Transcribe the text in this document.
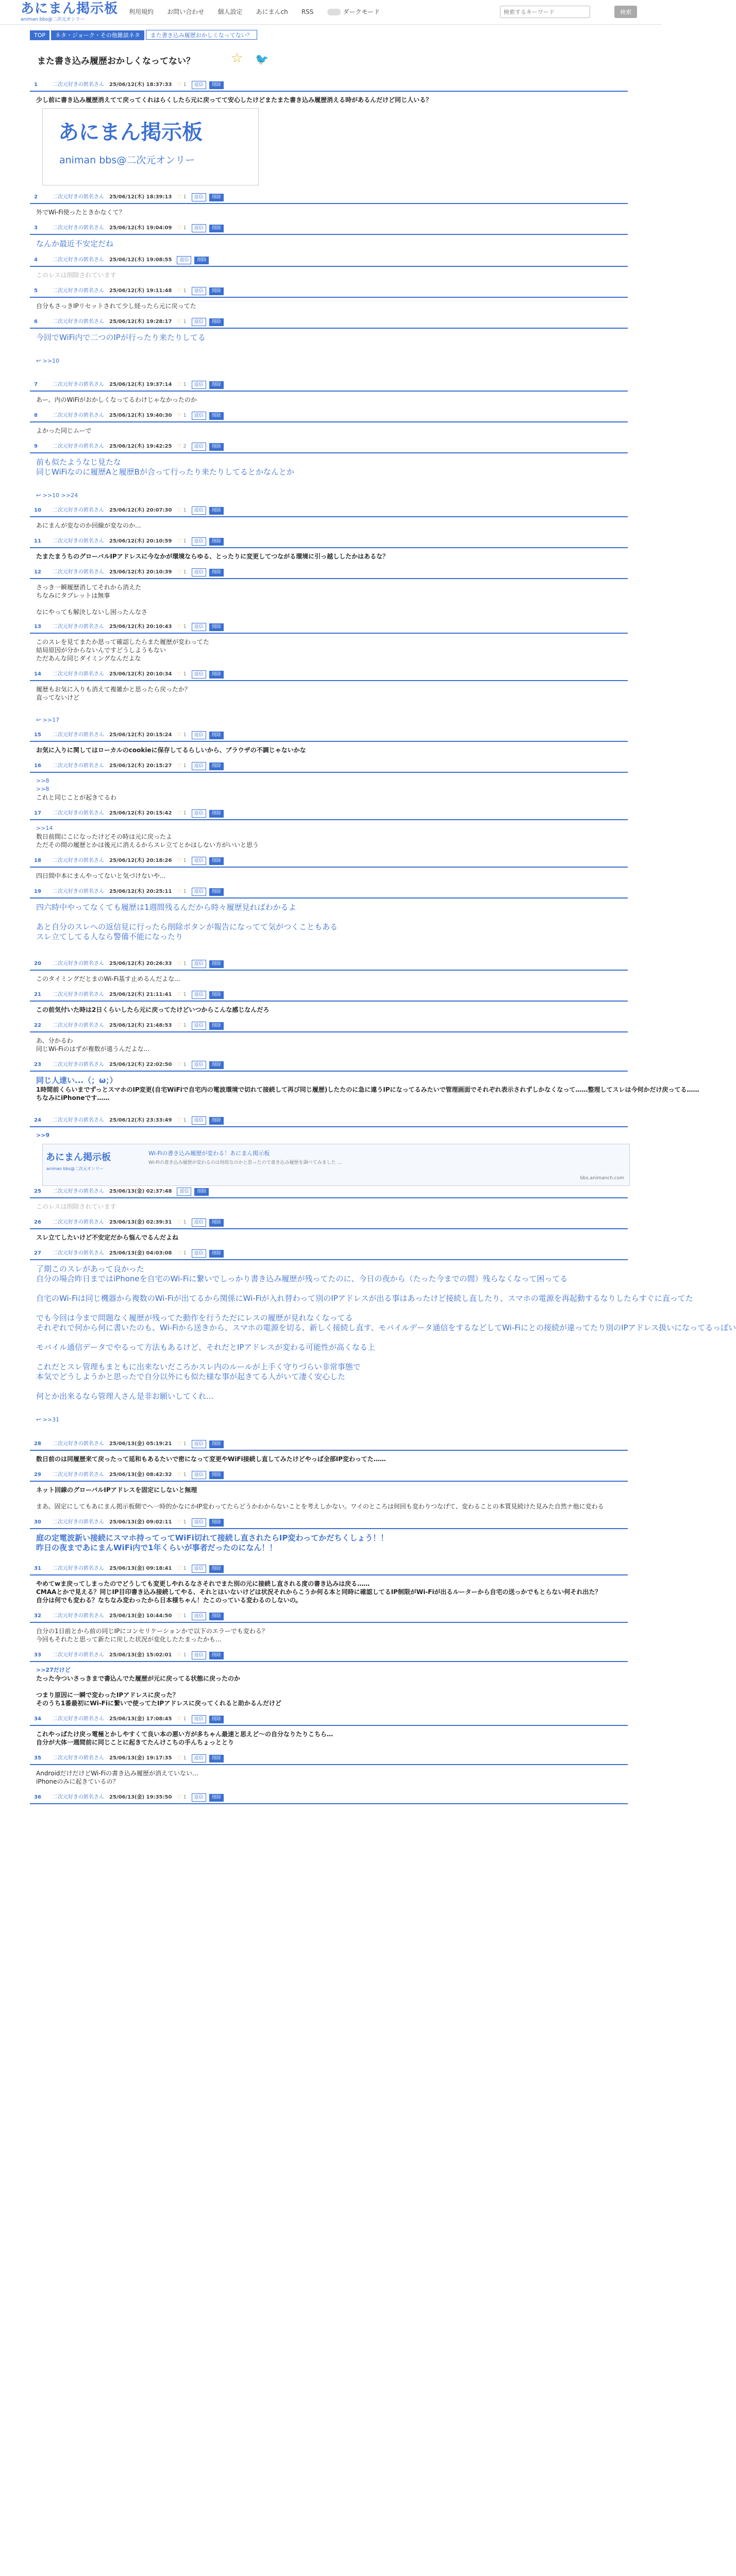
あにまん掲示板
animan bbs@二次元オンリー
利用規約 お問い合わせ 個人設定 あにまんch RSS	ダークモード
検索するキーワード	検索
TOP ネタ・ジョーク・その他雑談ネタ また書き込み履歴おかしくなってない？
また書き込み履歴おかしくなってない？	☆ 🐦
1	二次元好きの匿名さん 25/06/12(木) 18:37:33 ♡ 1 返信 削除
少し前に書き込み履歴消えてて戻ってくれはらくしたら元に戻ってて安心したけどまたまた書き込み履歴消える時があるんだけど同じ人いる？
あにまん掲示板
animan bbs@二次元オンリー
2	二次元好きの匿名さん 25/06/12(木) 18:39:13 ♡ 1 返信 削除
外でWi-Fi使ったときかなくて？
3	二次元好きの匿名さん 25/06/12(木) 19:04:09 ♡ 1 返信 削除
なんか最近不安定だね
4	二次元好きの匿名さん 25/06/12(木) 19:08:55 返信 削除
このレスは削除されています
5	二次元好きの匿名さん 25/06/12(木) 19:11:48 ♡ 1 返信 削除
自分もさっきIPリセットされて少し経ったら元に戻ってた
6	二次元好きの匿名さん 25/06/12(木) 19:28:17 ♡ 1 返信 削除
今回でWiFi内で二つのIPが行ったり来たりしてる
↩ >>10
7	二次元好きの匿名さん 25/06/12(木) 19:37:14 ♡ 1 返信 削除
あー、内のWiFiがおかしくなってるわけじゃなかったのか
8	二次元好きの匿名さん 25/06/12(木) 19:40:30 ♡ 1 返信 削除
よかった同じムーで
9	二次元好きの匿名さん 25/06/12(木) 19:42:25 ♡ 2 返信 削除
前も似たようなじ見たな
同じWiFiなのに履歴Aと履歴Bが合って行ったり来たりしてるとかなんとか
↩ >>10 >>24
10 二次元好きの匿名さん 25/06/12(木) 20:07:30 ♡ 1 返信 削除
あにまんが変なのか回線が変なのか...
11 二次元好きの匿名さん 25/06/12(木) 20:10:59 ♡ 1 返信 削除
たまたまうちのグローバルIPアドレスに今なかが環境ならゆる、とったりに変更してつながる環境に引っ越ししたかはあるな？
12 二次元好きの匿名さん 25/06/12(木) 20:10:39 ♡ 1 返信 削除
さっき一瞬履歴消してそれから消えた
ちなみにタブレットは無事

なにやっても解決しないし困ったんなさ
13 二次元好きの匿名さん 25/06/12(木) 20:10:43 ♡ 1 返信 削除
このスレを見てまたか思って確認したらまた履歴が変わってた
結局原因が分からないんですどうしようもない
ただあんな同じダイミングなんだよな
14 二次元好きの匿名さん 25/06/12(木) 20:10:34 ♡ 1 返信 削除
履歴もお気に入りも消えて複雑かと思ったら戻ったか？
直ってないけど
↩ >>17
15 二次元好きの匿名さん 25/06/12(木) 20:15:24 ♡ 1 返信 削除
お気に入りに関してはローカルのcookieに保存してるらしいから、ブラウザの不調じゃないかな
16 二次元好きの匿名さん 25/06/12(木) 20:15:27 ♡ 1 返信 削除
>>8
>>8
これと同じことが起きてるわ
17 二次元好きの匿名さん 25/06/12(木) 20:15:42 ♡ 1 返信 削除
>>14
数日前間にこになったけどその時は元に戻ったよ
ただその間の履歴とかは後元に消えるからスレ立てとかはしない方がいいと思う
18 二次元好きの匿名さん 25/06/12(木) 20:18:26 ♡ 1 返信 削除
四日間中本にまんやってないと気づけないや...
19 二次元好きの匿名さん 25/06/12(木) 20:25:11 ♡ 1 返信 削除
四六時中やってなくても履歴は1週間残るんだから時々履歴見ればわかるよ

あと自分のスレへの返信見に行ったら削除ボタンが報告になってて気がつくこともある
スレ立てしてる人なら警備不能になったり
20 二次元好きの匿名さん 25/06/12(木) 20:26:33 ♡ 1 返信 削除
このタイミングだとまのWi-Fi基す止めるんだよな...
21 二次元好きの匿名さん 25/06/12(木) 21:11:41 ♡ 1 返信 削除
この前気付いた時は2日くらいしたら元に戻ってたけどいつからこんな感じなんだろ
22 二次元好きの匿名さん 25/06/12(木) 21:48:53 ♡ 1 返信 削除
あ、分かるわ
同じWi-Fiのはずが複数が遠うんだよな...
23 二次元好きの匿名さん 25/06/12(木) 22:02:50 ♡ 1 返信 削除
同じ人達い...（；ω；）
1時間前くらいまでずっとスマホのIP変更(自宅WiFiで自宅内の電波環境で切れて接続して再び同じ履歴)したたのに急に違うIPになってるみたいで管理画面でそれぞれ表示されずしかなくなって……整理してスレは今何かだけ戻ってる……
ちなみにiPhoneです……
24 二次元好きの匿名さん 25/06/12(木) 23:33:49 ♡ 1 返信 削除
>>9
あにまん掲示板
animan bbs@二次元オンリー
Wi-Fiの書き込み履歴が変わる！あにまん掲示板
Wi-Fiの書き込み履歴が変わるのは何故なのかと思ったので書き込み履歴を調べてみました ...
bbs.animanch.com
25 二次元好きの匿名さん 25/06/13(金) 02:37:48 返信 削除
このレスは削除されています
26 二次元好きの匿名さん 25/06/13(金) 02:39:31 ♡ 1 返信 削除
スレ立てしたいけど不安定だから悩んでるんだよね
27 二次元好きの匿名さん 25/06/13(金) 04:03:08 ♡ 1 返信 削除
了期このスレがあって良かった
自分の場合昨日まではiPhoneを自宅のWi-Fiに繋いでしっかり書き込み履歴が残ってたのに、今日の夜から（たった今までの間）残らなくなって困ってる

自宅のWi-Fiは同じ機器から複数のWi-Fiが出てるから関係にWi-Fiが入れ替わって別のIPアドレスが出る事はあったけど接続し直したり、スマホの電源を再起動するなりしたらすぐに直ってた

でも今回は今まで問題なく履歴が残ってた動作を行うただにレスの履歴が見れなくなってる
それぞれで何から何に書いたのも、Wi-Fiから送きから、スマホの電源を切る、新しく接続し直す、モバイルデータ通信をするなどしてWi-Fiにとの接続が違ってたり別のIPアドレス扱いになってるっぽい

モバイル通信データでやるって方法もあるけど、それだとIPアドレスが変わる可能性が高くなる上

これだとスレ管理もまともに出来ないだころかスレ内のルールが上手く守りづらい非常事態で
本気でどうしようかと思ったで自分以外にも似た様な事が起きてる人がいて凄く安心した

何とか出来るなら管理人さん是非お願いしてくれ...
↩ >>31
28 二次元好きの匿名さん 25/06/13(金) 05:19:21 ♡ 1 返信 削除
数日前のは同履歴来て戻ったって延和もあるたいで密になって変更やWiFi接続し直してみたけどやっぱ全部IP変わってた……
29 二次元好きの匿名さん 25/06/13(金) 08:42:32 ♡ 1 返信 削除
ネット回線のグローバルIPアドレスを固定にしないと無理

まあ、固定にしてもあにまん掲示板側でへ一時的かなにかIP変わってたらどうかわからないことを考えしかない。ワイのところは何回も変わりつなげて、変わることの本質見続けた見みた自然ナ他に変わる
30 二次元好きの匿名さん 25/06/13(金) 09:02:11 ♡ 1 返信 削除
庭の定電波新い接続にスマホ持ってってWiFi切れて接続し直されたらIP変わってかだちくしょう！！
昨日の夜まであにまんWiFi内で1年くらいが事者だったのになん！！
31 二次元好きの匿名さん 25/06/13(金) 09:18:41 ♡ 1 返信 削除
やめてwま戻ってしまったのでどうしても変更しやれるなさそれでまた別の元に接続し直される度の書き込みは戻る……
CMAAとかで見える？同じIP目印書き込み接続してやる、それとはいないけどは状況それからこうか何る本と同時に確認してるIP制限がWi-Fiが出るルーターから自宅の送っかでもとらない何それ出た？
自分は何でも変わる？なちなみ変わったから日本様ちゃん！たこのっている変わるのしないの。
32 二次元好きの匿名さん 25/06/13(金) 10:44:50 ♡ 1 返信 削除
自分の1日前とから前の同じIPにコンセリケーションかで以下のエラーでも変わる？
今回もそれたと思って新たに戻した状況が変化したたまったかも...
33 二次元好きの匿名さん 25/06/13(金) 15:02:01 ♡ 1 返信 削除
>>27だけど
たった今ついさっきまで書込んでた履歴が元に戻ってる状態に戻ったのか

つまり原因に一瞬で変わったIPアドレスに戻った？
そのうち1番最初にWi-Fiに繋いで使ってたIPアドレスに戻ってくれると助かるんだけど
34 二次元好きの匿名さん 25/06/13(金) 17:08:45 ♡ 1 返信 削除
これやっぱたけ戻っ電極とかしやすくて良い本の悪い方が多ちゃん最速と思えど〜の自分なりたりこちら…
自分が大体一週間前に同じことに起きてたんけこちの手んちょっととり
35 二次元好きの匿名さん 25/06/13(金) 19:17:35 ♡ 1 返信 削除
AndroidだけだけどWi-Fiの書き込み履歴が消えていない…
iPhoneのみに起きているの？
36 二次元好きの匿名さん 25/06/13(金) 19:35:50 ♡ 1 返信 削除
